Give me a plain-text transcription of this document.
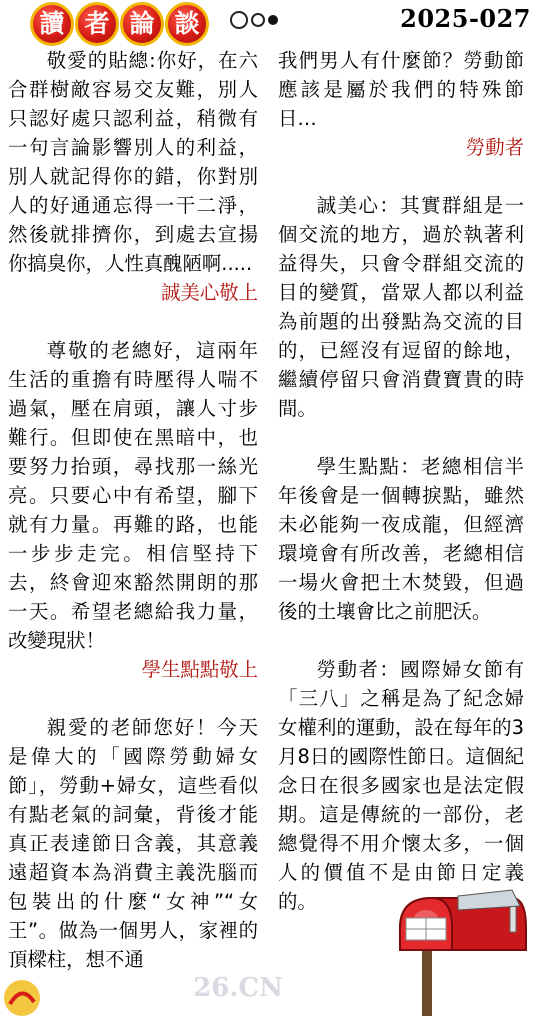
讀 者 論 談	2025-027

敬愛的貼總:你好，在六合群樹敵容易交友難，別人只認好處只認利益，稍微有一句言論影響別人的利益，別人就記得你的錯，你對別人的好通通忘得一干二淨，然後就排擠你，到處去宣揚你搞臭你，人性真醜陋啊.....

誠美心敬上

尊敬的老總好，這兩年生活的重擔有時壓得人喘不過氣，壓在肩頭，讓人寸步難行。但即使在黑暗中，也要努力抬頭，尋找那一絲光亮。只要心中有希望，腳下就有力量。再難的路，也能一步步走完。相信堅持下去，終會迎來豁然開朗的那一天。希望老總給我力量，改變現狀！

學生點點敬上

親愛的老師您好！今天是偉大的「國際勞動婦女節」，勞動+婦女，這些看似有點老氣的詞彙，背後才能真正表達節日含義，其意義遠超資本為消費主義洗腦而包裝出的什麼“女神”“女王”。做為一個男人，家裡的頂樑柱，想不通

我們男人有什麼節？勞動節應該是屬於我們的特殊節日…

勞動者

誠美心：其實群組是一個交流的地方，過於執著利益得失，只會令群組交流的目的變質，當眾人都以利益為前題的出發點為交流的目的，已經沒有逗留的餘地，繼續停留只會消費寶貴的時間。

學生點點：老總相信半年後會是一個轉捩點，雖然未必能夠一夜成龍，但經濟環境會有所改善，老總相信一場火會把土木焚毀，但過後的土壤會比之前肥沃。

勞動者：國際婦女節有「三八」之稱是為了紀念婦女權利的運動，設在每年的3月8日的國際性節日。這個紀念日在很多國家也是法定假期。這是傳統的一部份，老總覺得不用介懷太多，一個人的價值不是由節日定義的。

26.CN
